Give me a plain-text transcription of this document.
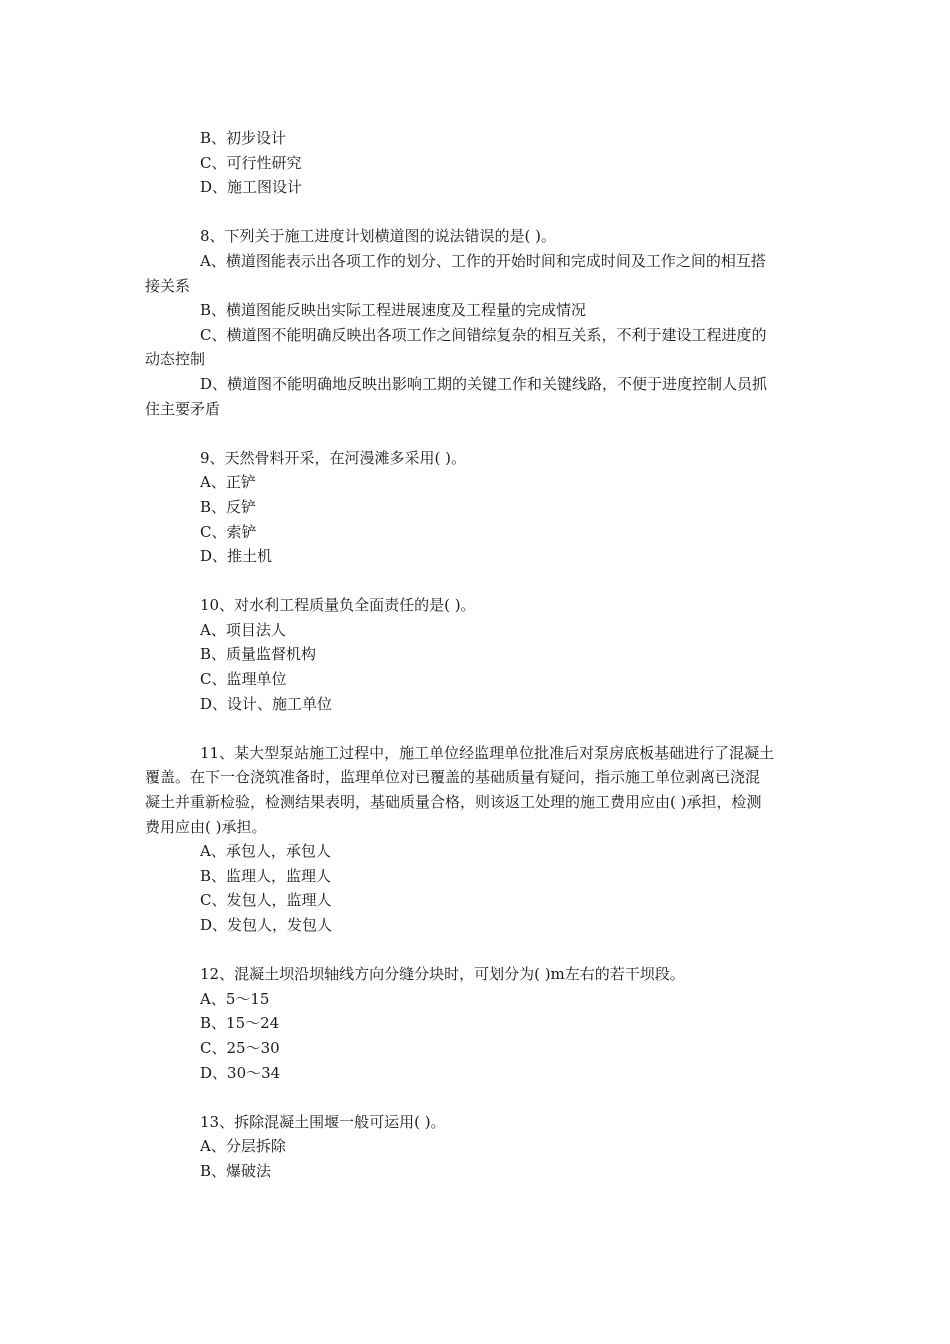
B、初步设计
C、可行性研究
D、施工图设计
8、下列关于施工进度计划横道图的说法错误的是( )。
A、横道图能表示出各项工作的划分、工作的开始时间和完成时间及工作之间的相互搭
接关系
B、横道图能反映出实际工程进展速度及工程量的完成情况
C、横道图不能明确反映出各项工作之间错综复杂的相互关系，不利于建设工程进度的
动态控制
D、横道图不能明确地反映出影响工期的关键工作和关键线路，不便于进度控制人员抓
住主要矛盾
9、天然骨料开采，在河漫滩多采用( )。
A、正铲
B、反铲
C、索铲
D、推土机
10、对水利工程质量负全面责任的是( )。
A、项目法人
B、质量监督机构
C、监理单位
D、设计、施工单位
11、某大型泵站施工过程中，施工单位经监理单位批准后对泵房底板基础进行了混凝土
覆盖。在下一仓浇筑准备时，监理单位对已覆盖的基础质量有疑问，指示施工单位剥离已浇混
凝土并重新检验，检测结果表明，基础质量合格，则该返工处理的施工费用应由( )承担，检测
费用应由( )承担。
A、承包人，承包人
B、监理人，监理人
C、发包人，监理人
D、发包人，发包人
12、混凝土坝沿坝轴线方向分缝分块时，可划分为( )m左右的若干坝段。
A、5～15
B、15～24
C、25～30
D、30～34
13、拆除混凝土围堰一般可运用( )。
A、分层拆除
B、爆破法
